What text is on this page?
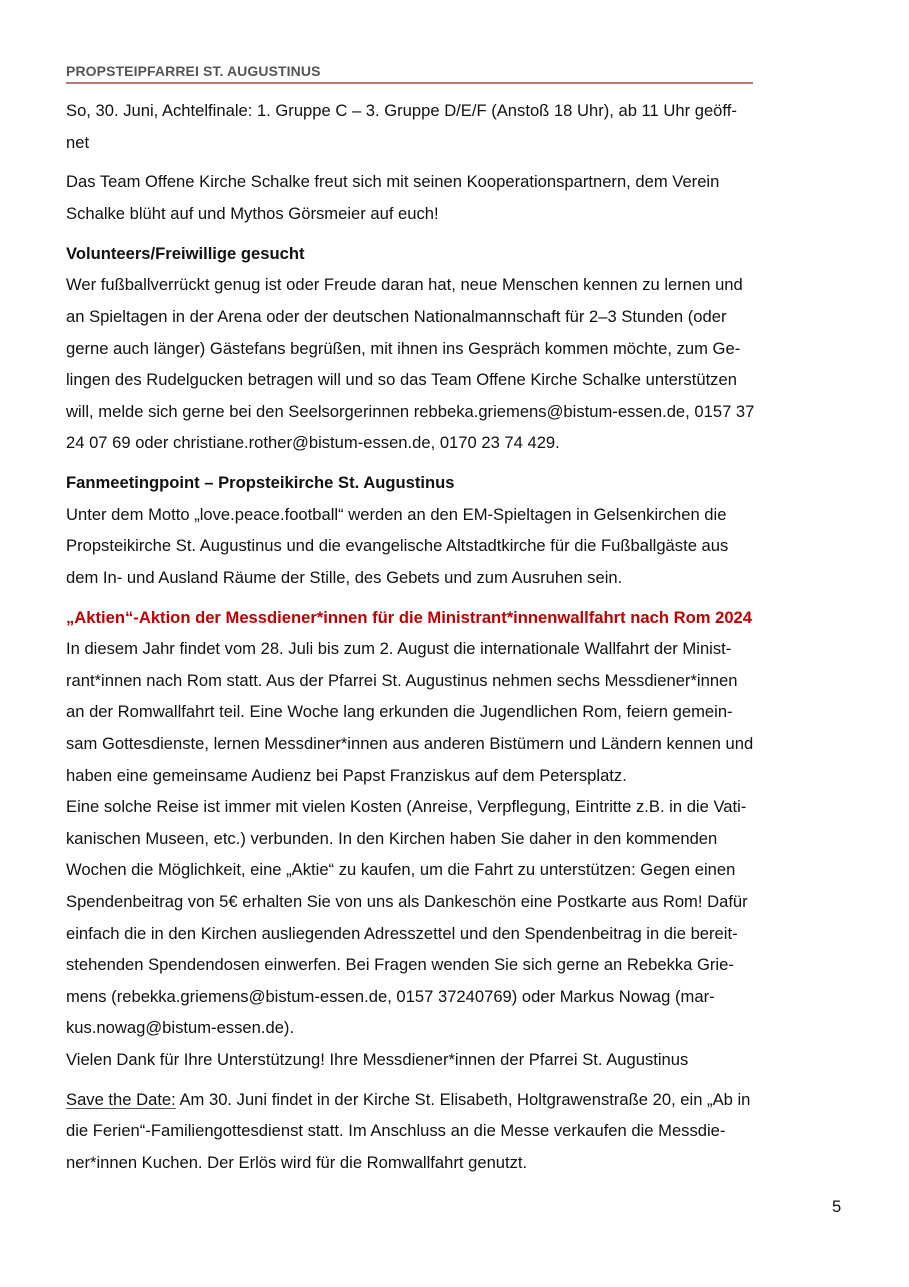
PROPSTEIPFARREI ST. AUGUSTINUS
So, 30. Juni, Achtelfinale: 1. Gruppe C – 3. Gruppe D/E/F (Anstoß 18 Uhr), ab 11 Uhr geöff-
net
Das Team Offene Kirche Schalke freut sich mit seinen Kooperationspartnern, dem Verein
Schalke blüht auf und Mythos Görsmeier auf euch!
Volunteers/Freiwillige gesucht
Wer fußballverrückt genug ist oder Freude daran hat, neue Menschen kennen zu lernen und
an Spieltagen in der Arena oder der deutschen Nationalmannschaft für 2–3 Stunden (oder
gerne auch länger) Gästefans begrüßen, mit ihnen ins Gespräch kommen möchte, zum Ge-
lingen des Rudelgucken betragen will und so das Team Offene Kirche Schalke unterstützen
will, melde sich gerne bei den Seelsorgerinnen rebbeka.griemens@bistum-essen.de, 0157 37
24 07 69 oder christiane.rother@bistum-essen.de, 0170 23 74 429.
Fanmeetingpoint – Propsteikirche St. Augustinus
Unter dem Motto „love.peace.football“ werden an den EM-Spieltagen in Gelsenkirchen die
Propsteikirche St. Augustinus und die evangelische Altstadtkirche für die Fußballgäste aus
dem In- und Ausland Räume der Stille, des Gebets und zum Ausruhen sein.
„Aktien“-Aktion der Messdiener*innen für die Ministrant*innenwallfahrt nach Rom 2024
In diesem Jahr findet vom 28. Juli bis zum 2. August die internationale Wallfahrt der Minist-
rant*innen nach Rom statt. Aus der Pfarrei St. Augustinus nehmen sechs Messdiener*innen
an der Romwallfahrt teil. Eine Woche lang erkunden die Jugendlichen Rom, feiern gemein-
sam Gottesdienste, lernen Messdiner*innen aus anderen Bistümern und Ländern kennen und
haben eine gemeinsame Audienz bei Papst Franziskus auf dem Petersplatz.
Eine solche Reise ist immer mit vielen Kosten (Anreise, Verpflegung, Eintritte z.B. in die Vati-
kanischen Museen, etc.) verbunden. In den Kirchen haben Sie daher in den kommenden
Wochen die Möglichkeit, eine „Aktie“ zu kaufen, um die Fahrt zu unterstützen: Gegen einen
Spendenbeitrag von 5€ erhalten Sie von uns als Dankeschön eine Postkarte aus Rom! Dafür
einfach die in den Kirchen ausliegenden Adresszettel und den Spendenbeitrag in die bereit-
stehenden Spendendosen einwerfen. Bei Fragen wenden Sie sich gerne an Rebekka Grie-
mens (rebekka.griemens@bistum-essen.de, 0157 37240769) oder Markus Nowag (mar-
kus.nowag@bistum-essen.de).
Vielen Dank für Ihre Unterstützung! Ihre Messdiener*innen der Pfarrei St. Augustinus
Save the Date: Am 30. Juni findet in der Kirche St. Elisabeth, Holtgrawenstraße 20, ein „Ab in
die Ferien“-Familiengottesdienst statt. Im Anschluss an die Messe verkaufen die Messdie-
ner*innen Kuchen. Der Erlös wird für die Romwallfahrt genutzt.
5
